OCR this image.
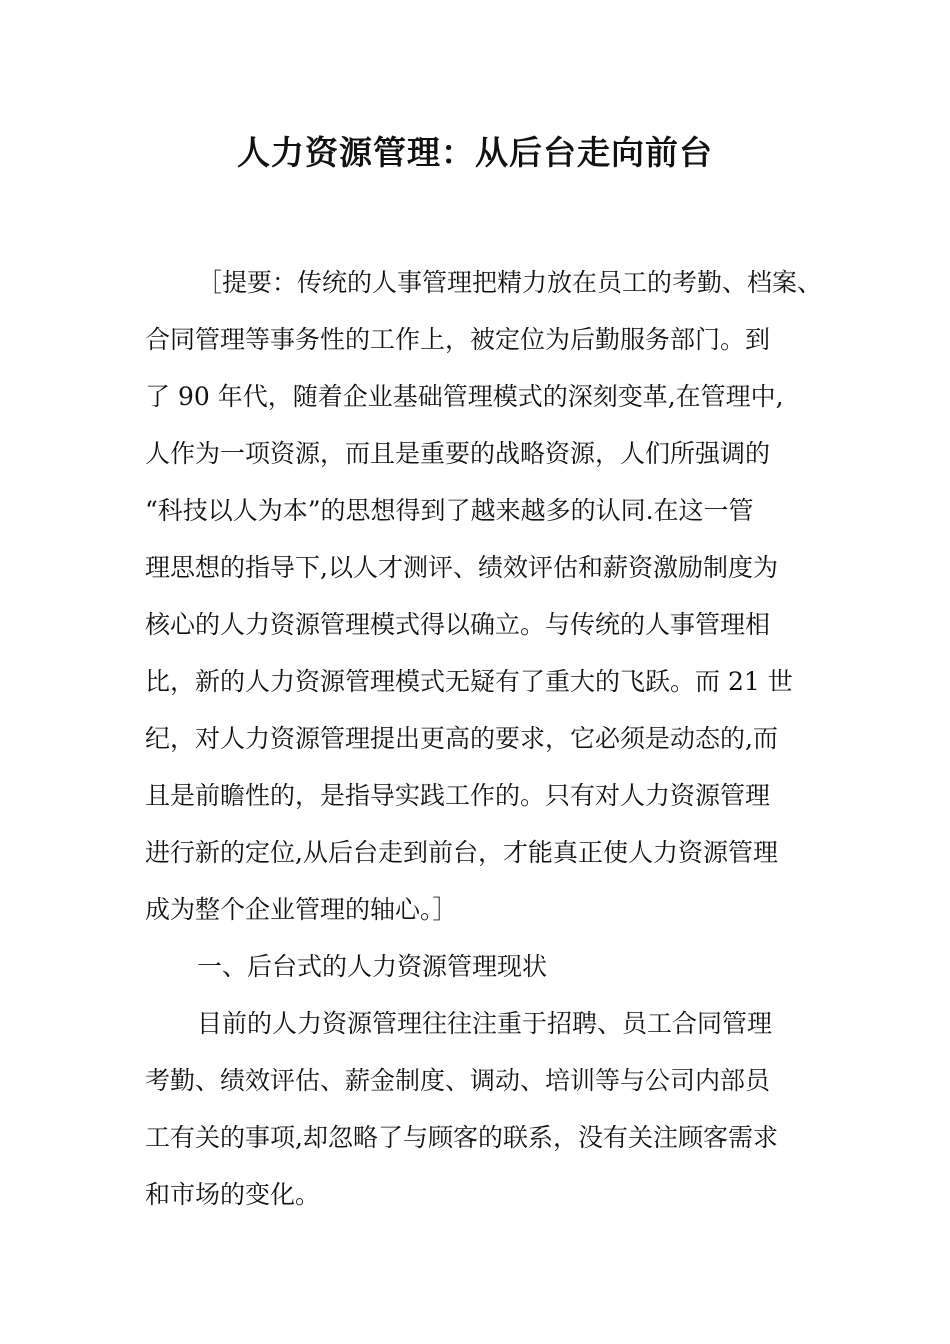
人力资源管理：从后台走向前台

［提要：传统的人事管理把精力放在员工的考勤、档案、

合同管理等事务性的工作上，被定位为后勤服务部门。到

了 90 年代，随着企业基础管理模式的深刻变革,在管理中,

人作为一项资源，而且是重要的战略资源，人们所强调的

“科技以人为本”的思想得到了越来越多的认同.在这一管

理思想的指导下,以人才测评、绩效评估和薪资激励制度为

核心的人力资源管理模式得以确立。与传统的人事管理相

比，新的人力资源管理模式无疑有了重大的飞跃。而 21 世

纪，对人力资源管理提出更高的要求，它必须是动态的,而

且是前瞻性的，是指导实践工作的。只有对人力资源管理

进行新的定位,从后台走到前台，才能真正使人力资源管理

成为整个企业管理的轴心。］

一、后台式的人力资源管理现状

目前的人力资源管理往往注重于招聘、员工合同管理

考勤、绩效评估、薪金制度、调动、培训等与公司内部员

工有关的事项,却忽略了与顾客的联系，没有关注顾客需求

和市场的变化。
